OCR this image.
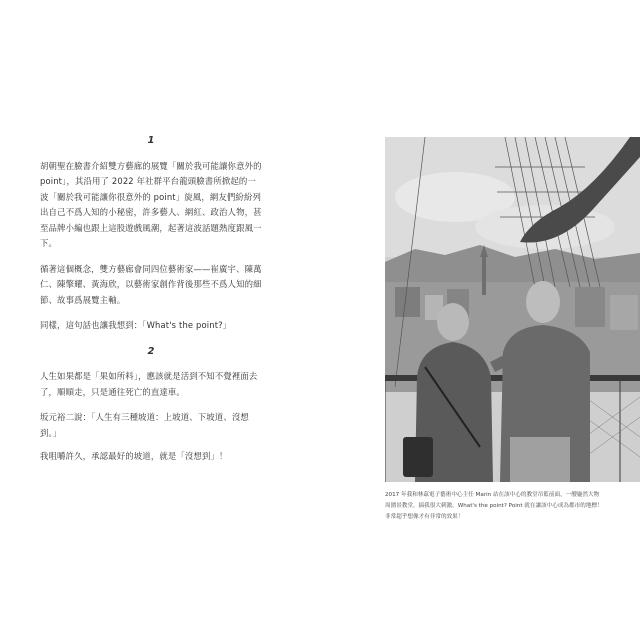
1

胡朝聖在臉書介紹雙方藝廊的展覽「關於我可能讓你意外的 point」，其沿用了 2022 年社群平台龍頭臉書所掀起的一波「關於我可能讓你很意外的 point」旋風，網友們紛紛列出自己不爲人知的小秘密，許多藝人、網紅、政治人物，甚至品牌小編也跟上這股遊戲風潮，起著這波話題熱度跟風一下。

循著這個概念，雙方藝廊會同四位藝術家——崔廣宇、陳萬仁、陳擎耀、黃海欣，以藝術家創作背後那些不爲人知的細節、故事爲展覽主軸。

同樣，這句話也讓我想到：「What's the point?」

2

人生如果都是「果如所料」，應該就是活到不知不覺裡面去了，順順走，只是通往死亡的直達車。

坂元裕二說：「人生有三種坡道：上坡道、下坡道、沒想到。」

我咀嚼許久，承認最好的坡道，就是「沒想到」！

2017 年我和林茲電子藝術中心主任 Marin 站在該中心的教堂吊籃前面，一艘龐然大物周圍景教堂，搞我很大刺激。What's the point? Point 就在讓該中心成為都市的地標！非常超乎想像才有非常的效果！
